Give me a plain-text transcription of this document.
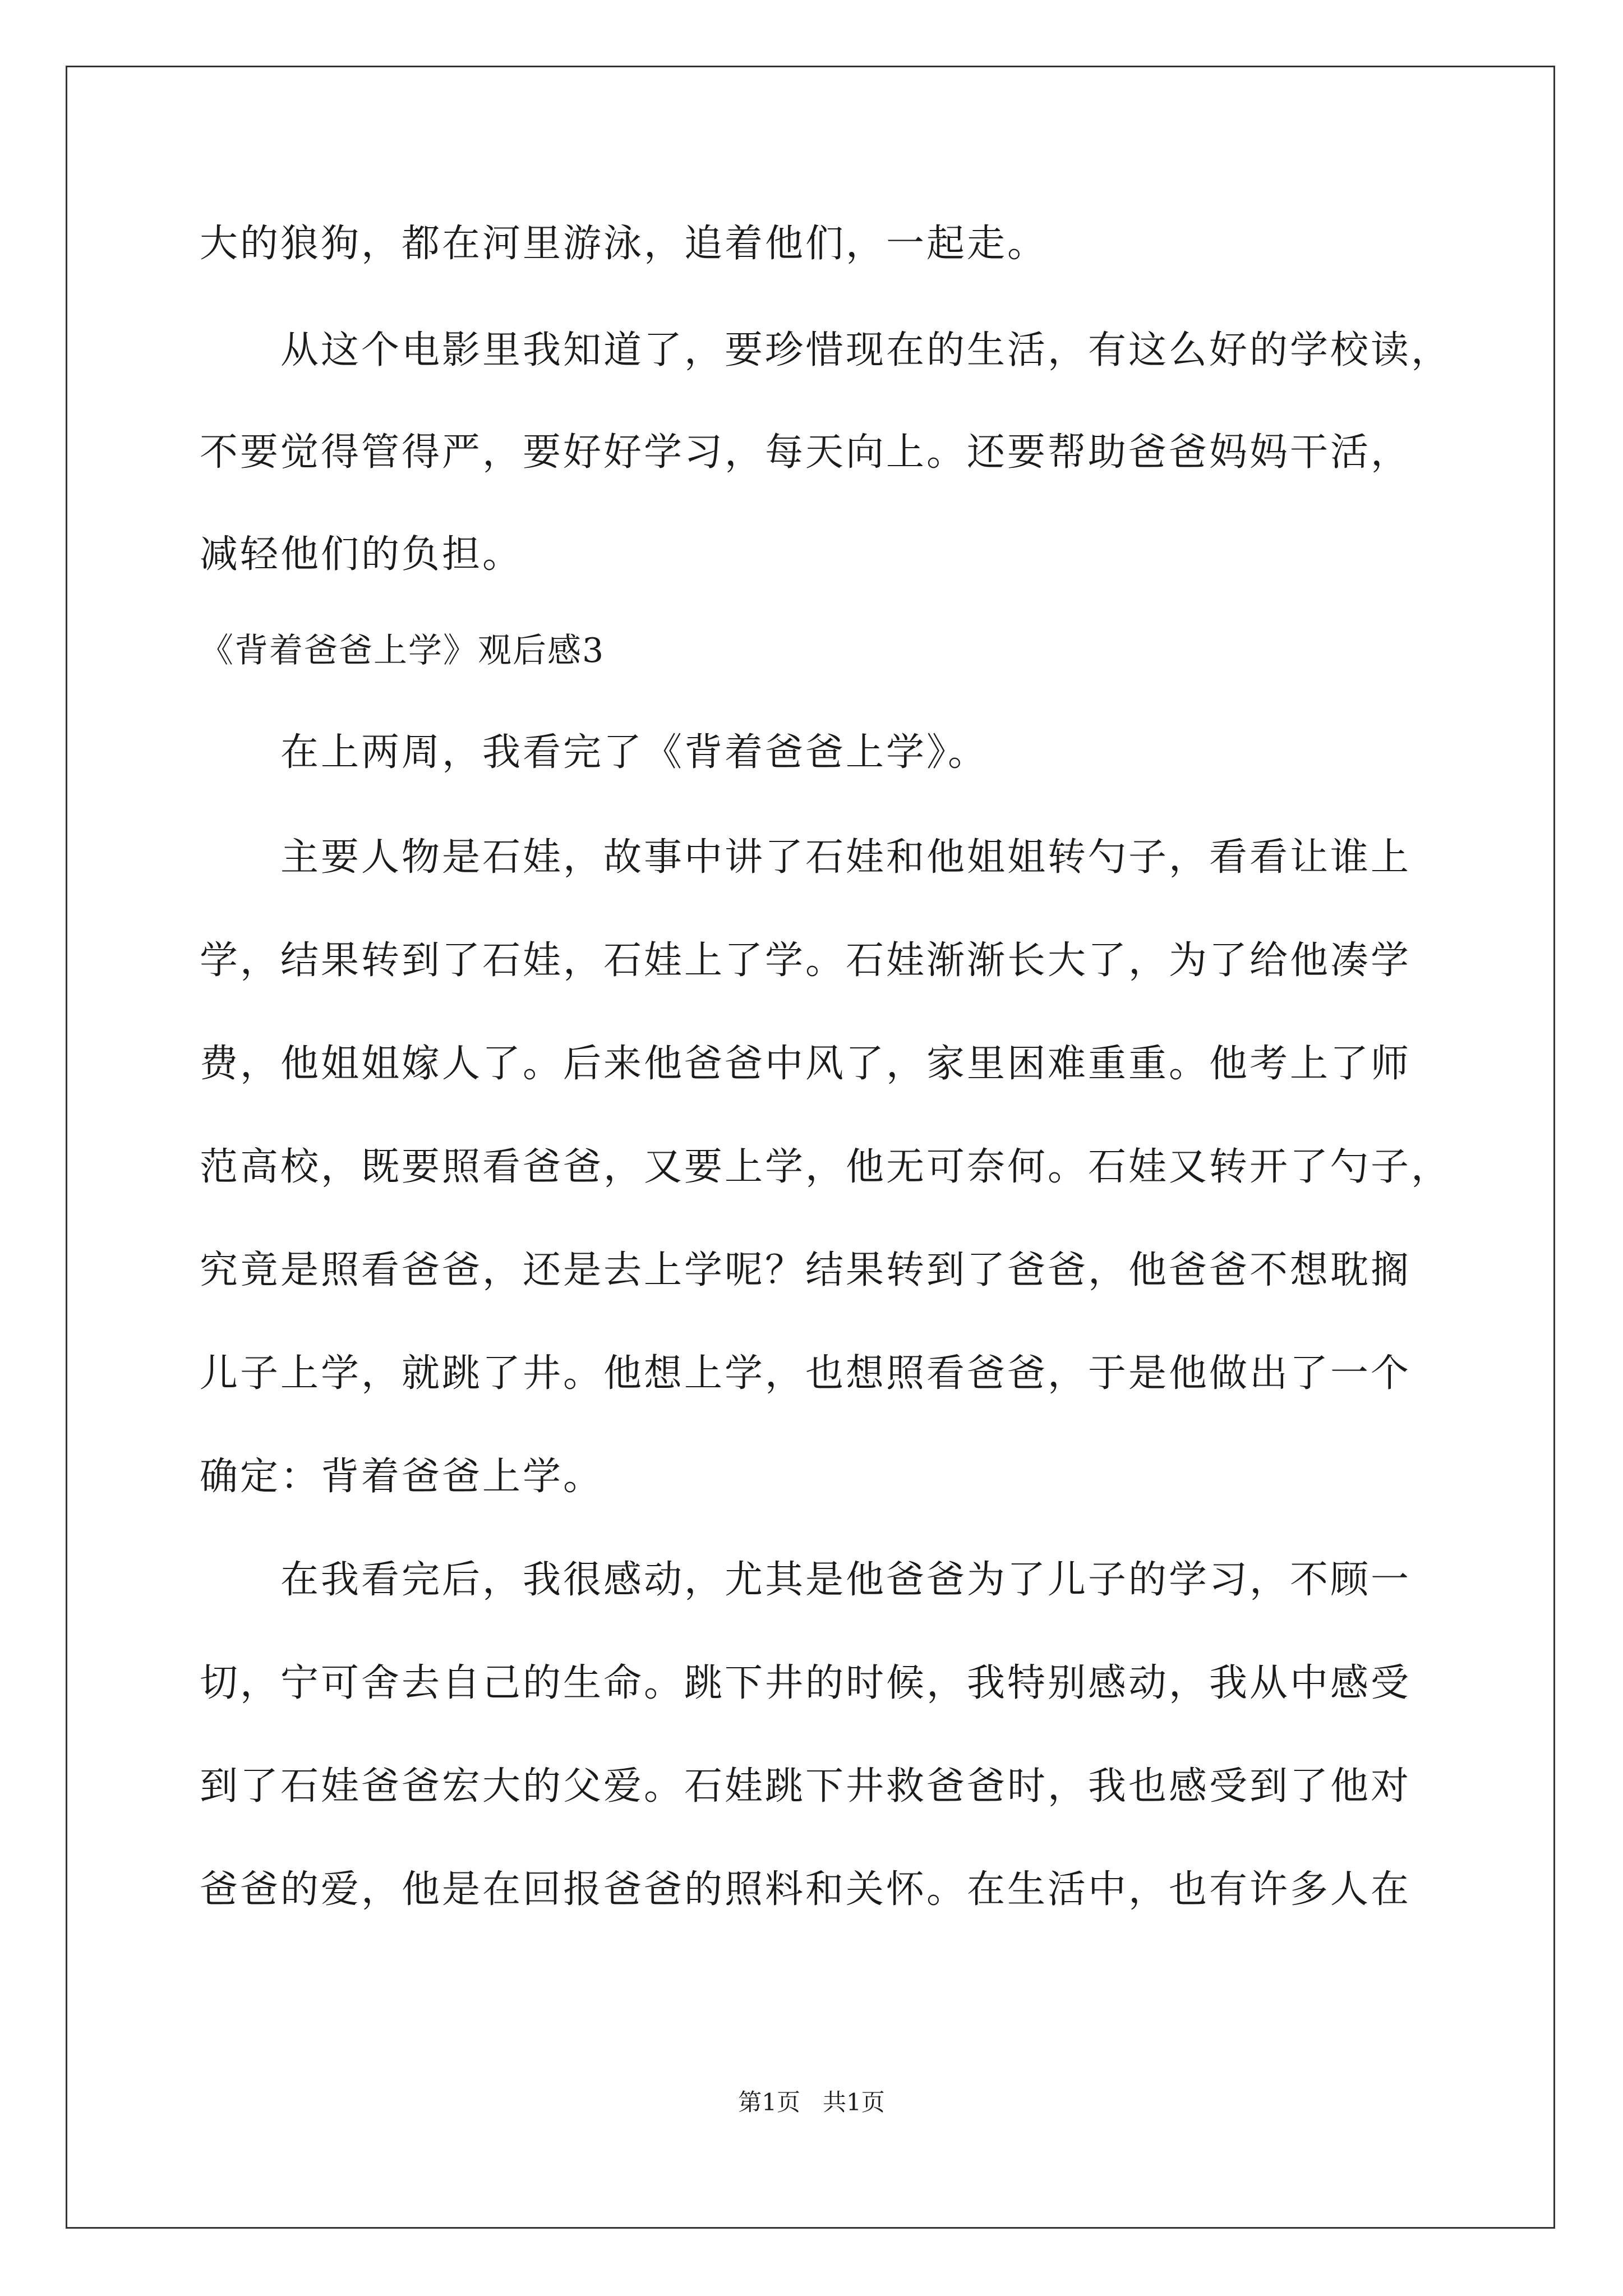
大的狼狗，都在河里游泳，追着他们，一起走。
从这个电影里我知道了，要珍惜现在的生活，有这么好的学校读，
不要觉得管得严，要好好学习，每天向上。还要帮助爸爸妈妈干活，
减轻他们的负担。
《背着爸爸上学》观后感3
在上两周，我看完了《背着爸爸上学》。
主要人物是石娃，故事中讲了石娃和他姐姐转勺子，看看让谁上
学，结果转到了石娃，石娃上了学。石娃渐渐长大了，为了给他凑学
费，他姐姐嫁人了。后来他爸爸中风了，家里困难重重。他考上了师
范高校，既要照看爸爸，又要上学，他无可奈何。石娃又转开了勺子，
究竟是照看爸爸，还是去上学呢？结果转到了爸爸，他爸爸不想耽搁
儿子上学，就跳了井。他想上学，也想照看爸爸，于是他做出了一个
确定：背着爸爸上学。
在我看完后，我很感动，尤其是他爸爸为了儿子的学习，不顾一
切，宁可舍去自己的生命。跳下井的时候，我特别感动，我从中感受
到了石娃爸爸宏大的父爱。石娃跳下井救爸爸时，我也感受到了他对
爸爸的爱，他是在回报爸爸的照料和关怀。在生活中，也有许多人在
第1页 共1页
